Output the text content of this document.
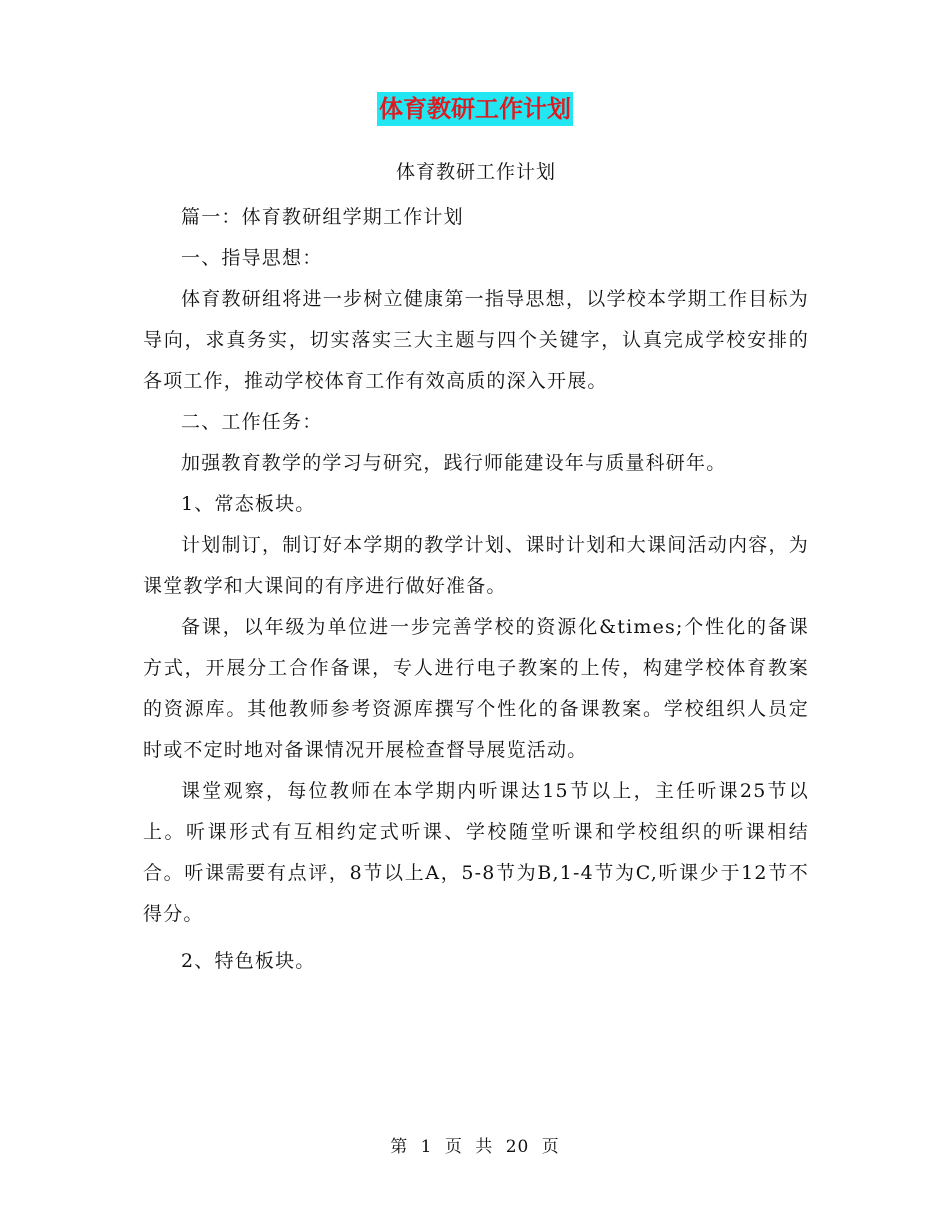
体育教研工作计划

体育教研工作计划

篇一：体育教研组学期工作计划

一、指导思想：

体育教研组将进一步树立健康第一指导思想，以学校本学期工作目标为导向，求真务实，切实落实三大主题与四个关键字，认真完成学校安排的各项工作，推动学校体育工作有效高质的深入开展。

二、工作任务：

加强教育教学的学习与研究，践行师能建设年与质量科研年。

1、常态板块。

计划制订，制订好本学期的教学计划、课时计划和大课间活动内容，为课堂教学和大课间的有序进行做好准备。

备课，以年级为单位进一步完善学校的资源化&times;个性化的备课方式，开展分工合作备课，专人进行电子教案的上传，构建学校体育教案的资源库。其他教师参考资源库撰写个性化的备课教案。学校组织人员定时或不定时地对备课情况开展检查督导展览活动。

课堂观察，每位教师在本学期内听课达15节以上，主任听课25节以上。听课形式有互相约定式听课、学校随堂听课和学校组织的听课相结合。听课需要有点评，8节以上A，5-8节为B,1-4节为C,听课少于12节不得分。

2、特色板块。

第 1 页 共 20 页
